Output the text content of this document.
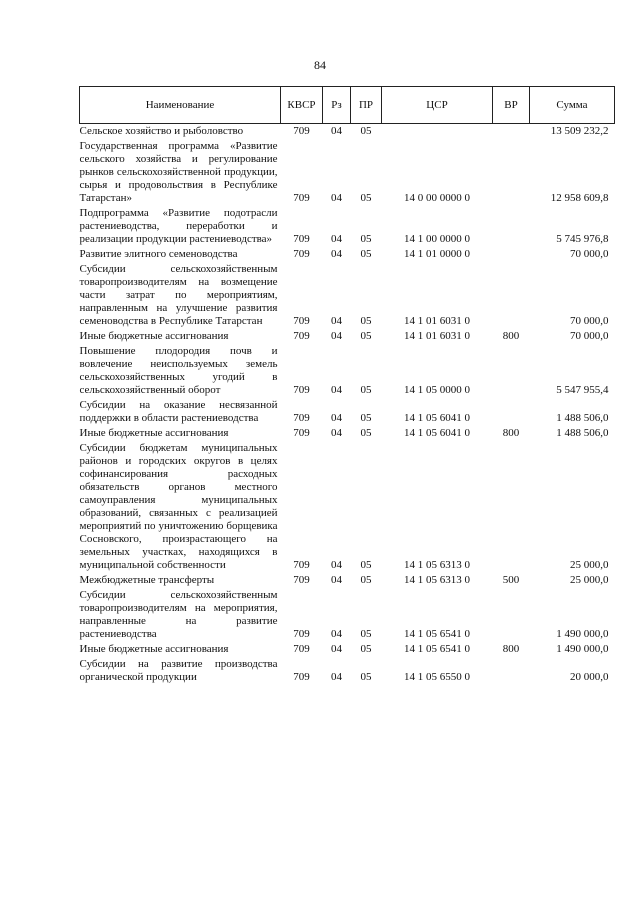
84
Наименование	КВСР	Рз	ПР	ЦСР	ВР	Сумма
Сельское хозяйство и рыболовство	709	04	05			13 509 232,2
Государственная программа «Развитие сельского хозяйства и регулирование рынков сельскохозяйственной продукции, сырья и продовольствия в Республике Татарстан»	709	04	05	14 0 00 0000 0		12 958 609,8
Подпрограмма «Развитие подотрасли растениеводства, переработки и реализации продукции растениеводства»	709	04	05	14 1 00 0000 0		5 745 976,8
Развитие элитного семеноводства	709	04	05	14 1 01 0000 0		70 000,0
Субсидии сельскохозяйственным товаропроизводителям на возмещение части затрат по мероприятиям, направленным на улучшение развития семеноводства в Республике Татарстан	709	04	05	14 1 01 6031 0		70 000,0
Иные бюджетные ассигнования	709	04	05	14 1 01 6031 0	800	70 000,0
Повышение плодородия почв и вовлечение неиспользуемых земель сельскохозяйственных угодий в сельскохозяйственный оборот	709	04	05	14 1 05 0000 0		5 547 955,4
Субсидии на оказание несвязанной поддержки в области растениеводства	709	04	05	14 1 05 6041 0		1 488 506,0
Иные бюджетные ассигнования	709	04	05	14 1 05 6041 0	800	1 488 506,0
Субсидии бюджетам муниципальных районов и городских округов в целях софинансирования расходных обязательств органов местного самоуправления муниципальных образований, связанных с реализацией мероприятий по уничтожению борщевика Сосновского, произрастающего на земельных участках, находящихся в муниципальной собственности	709	04	05	14 1 05 6313 0		25 000,0
Межбюджетные трансферты	709	04	05	14 1 05 6313 0	500	25 000,0
Субсидии сельскохозяйственным товаропроизводителям на мероприятия, направленные на развитие растениеводства	709	04	05	14 1 05 6541 0		1 490 000,0
Иные бюджетные ассигнования	709	04	05	14 1 05 6541 0	800	1 490 000,0
Субсидии на развитие производства органической продукции	709	04	05	14 1 05 6550 0		20 000,0
